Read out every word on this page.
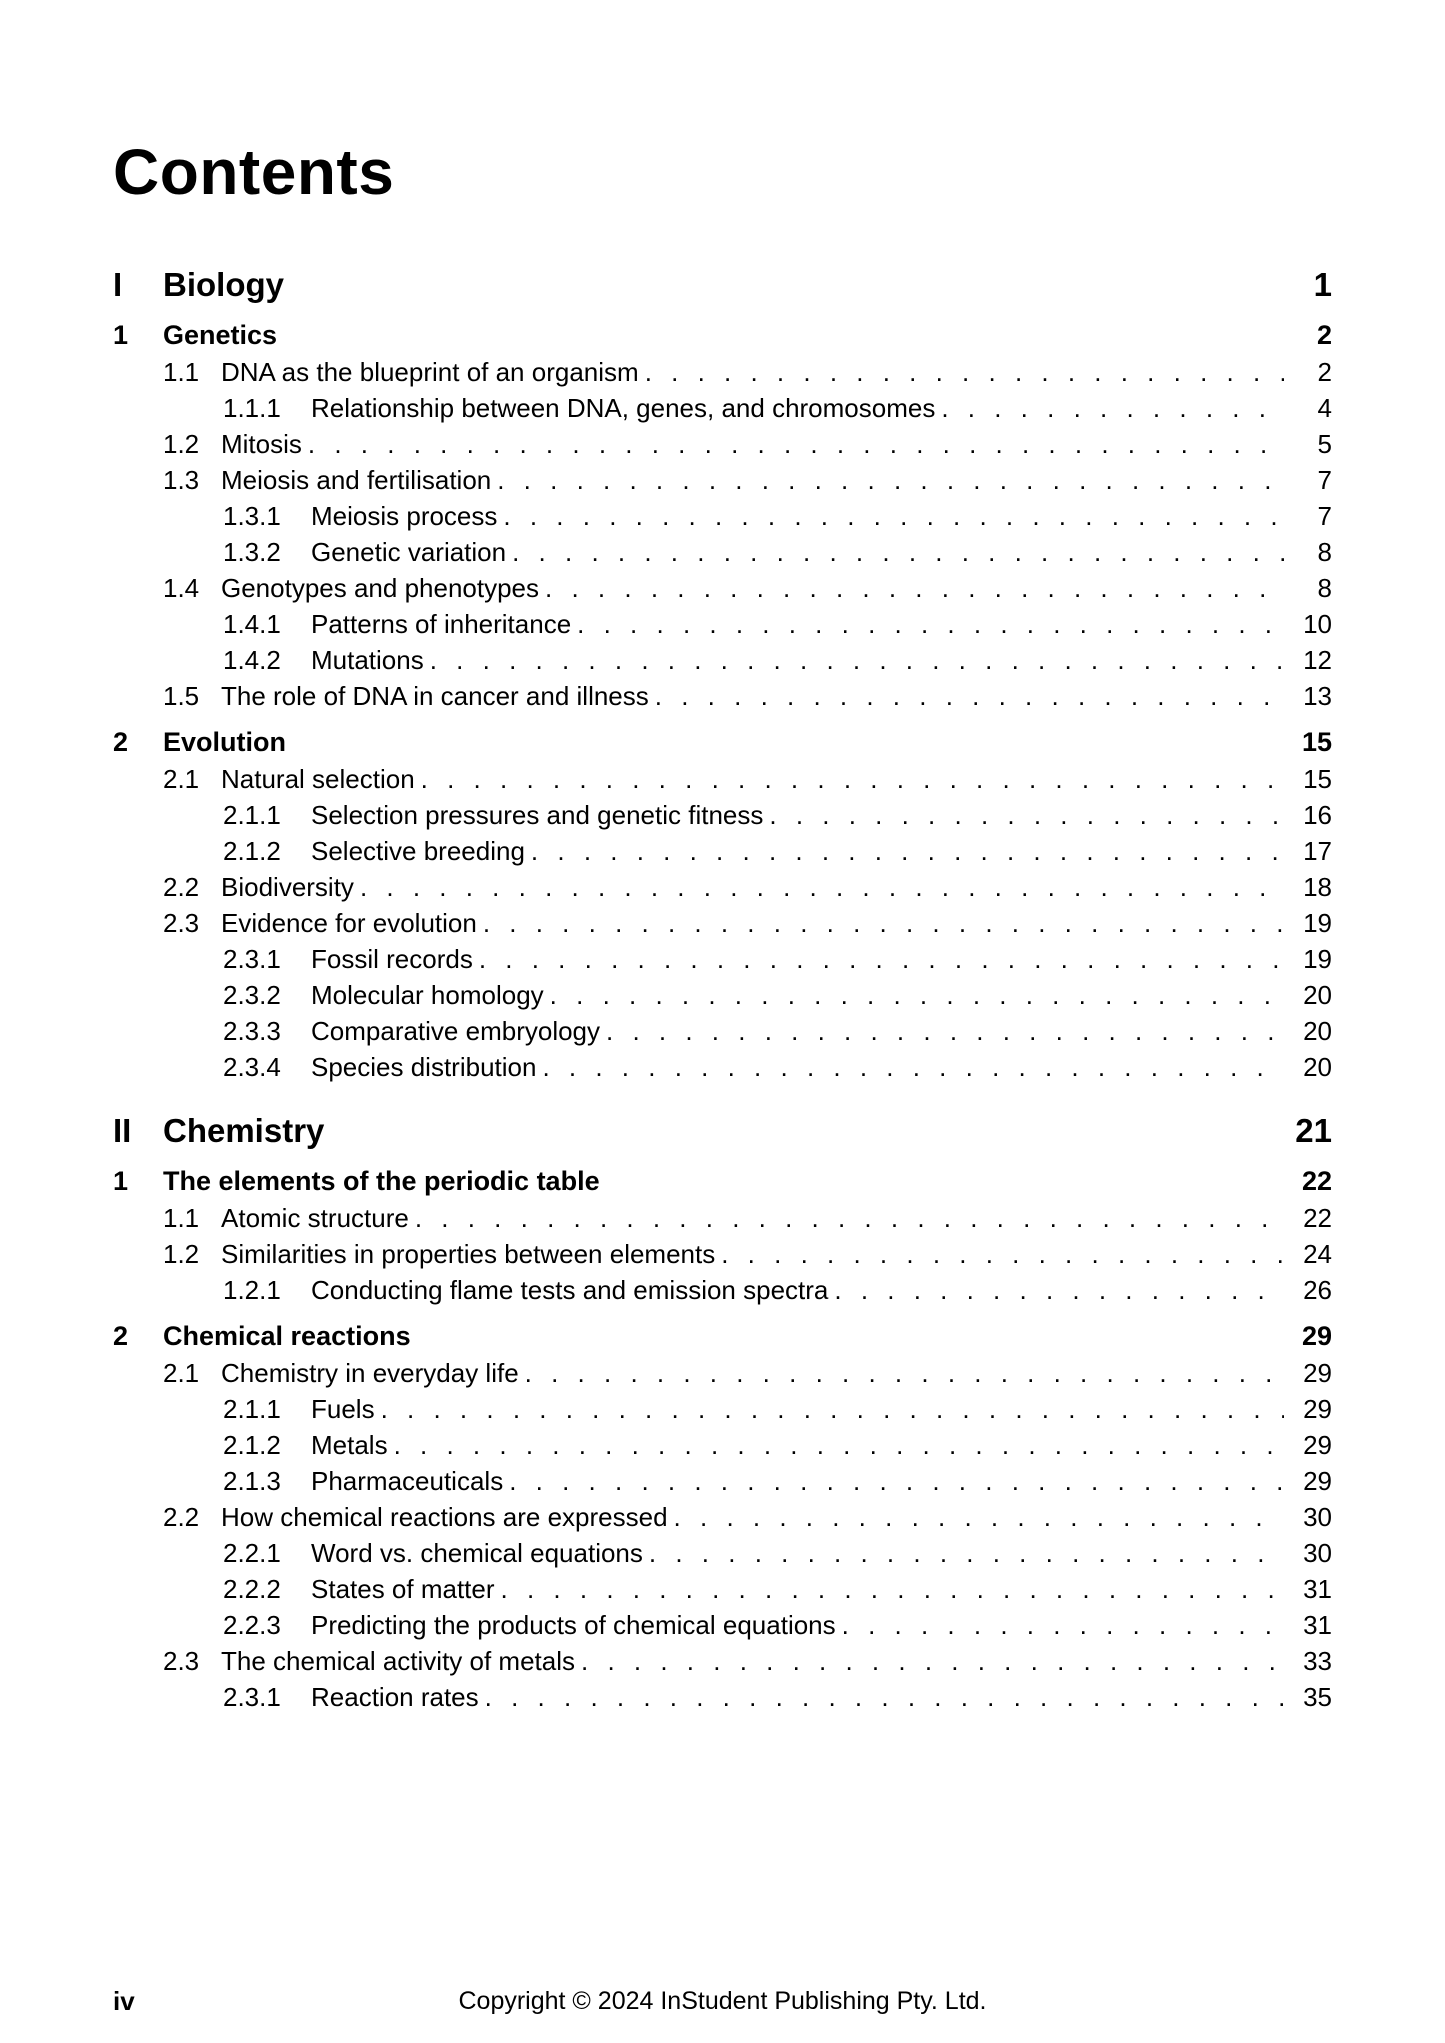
Contents
I	Biology	1
1	Genetics	2
1.1 DNA as the blueprint of an organism . . .	2
1.1.1	Relationship between DNA, genes, and chromosomes . . .	4
1.2 Mitosis . . .	5
1.3 Meiosis and fertilisation . . .	7
1.3.1	Meiosis process . . .	7
1.3.2	Genetic variation . . .	8
1.4 Genotypes and phenotypes . . .	8
1.4.1	Patterns of inheritance . . .	10
1.4.2	Mutations . . .	12
1.5 The role of DNA in cancer and illness . . .	13
2	Evolution	15
2.1 Natural selection . . .	15
2.1.1	Selection pressures and genetic fitness . . .	16
2.1.2	Selective breeding . . .	17
2.2 Biodiversity . . .	18
2.3 Evidence for evolution . . .	19
2.3.1	Fossil records . . .	19
2.3.2	Molecular homology . . .	20
2.3.3	Comparative embryology . . .	20
2.3.4	Species distribution . . .	20
II Chemistry	21
1	The elements of the periodic table	22
1.1 Atomic structure . . .	22
1.2 Similarities in properties between elements . . .	24
1.2.1	Conducting flame tests and emission spectra . . .	26
2	Chemical reactions	29
2.1 Chemistry in everyday life . . .	29
2.1.1	Fuels . . .	29
2.1.2	Metals . . .	29
2.1.3	Pharmaceuticals . . .	29
2.2 How chemical reactions are expressed . . .	30
2.2.1	Word vs. chemical equations . . .	30
2.2.2	States of matter . . .	31
2.2.3	Predicting the products of chemical equations . . .	31
2.3 The chemical activity of metals . . .	33
2.3.1	Reaction rates . . .	35
iv	Copyright © 2024 InStudent Publishing Pty. Ltd.
